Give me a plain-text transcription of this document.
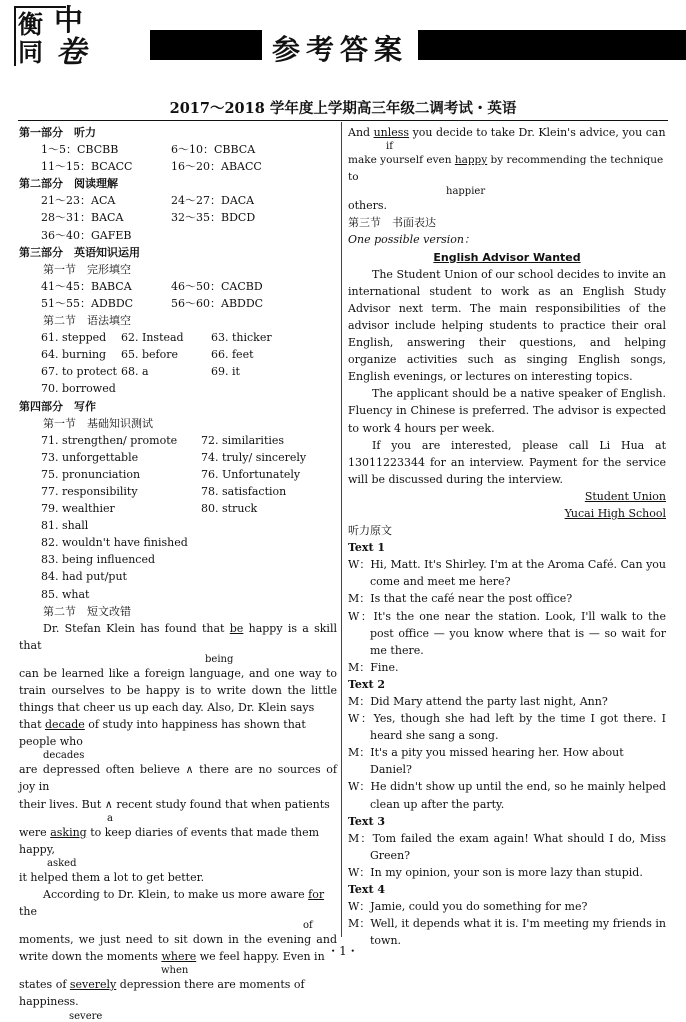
衡 中
同 卷	参考答案
2017～2018 学年度上学期高三年级二调考试・英语
第一部分　听力
1～5：CBCBB	6～10：CBBCA
11～15：BCACC	16～20：ABACC
第二部分　阅读理解
21～23：ACA	24～27：DACA
28～31：BACA	32～35：BDCD
36～40：GAFEB
第三部分　英语知识运用
第一节　完形填空
41～45：BABCA	46～50：CACBD
51～55：ADBDC	56～60：ABDDC
第二节　语法填空
61. stepped	62. Instead	63. thicker
64. burning	65. before	66. feet
67. to protect 68. a	69. it
70. borrowed
第四部分　写作
第一节　基础知识测试
71. strengthen/ promote	72. similarities
73. unforgettable	74. truly/ sincerely
75. pronunciation	76. Unfortunately
77. responsibility	78. satisfaction
79. wealthier	80. struck
81. shall
82. wouldn't have finished
83. being influenced
84. had put/put
85. what
第二节　短文改错
Dr. Stefan Klein has found that be happy is a skill that
being
can be learned like a foreign language, and one way to train ourselves to be happy is to write down the little things that cheer us up each day. Also, Dr. Klein says
that decade of study into happiness has shown that people who
decades
are depressed often believe ∧ there are no sources of joy in
their lives. But ∧ recent study found that when patients
a
were asking to keep diaries of events that made them happy,
asked
it helped them a lot to get better.
According to Dr. Klein, to make us more aware for the
of
moments, we just need to sit down in the evening and write down the moments where we feel happy. Even in
when
states of severely depression there are moments of happiness.
severe
And unless you decide to take Dr. Klein's advice, you can
if
make yourself even happy by recommending the technique to
happier
others.
第三节　书面表达
One possible version：
English Advisor Wanted
The Student Union of our school decides to invite an international student to work as an English Study Advisor next term. The main responsibilities of the advisor include helping students to practice their oral English, answering their questions, and helping organize activities such as singing English songs, English evenings, or lectures on interesting topics.
The applicant should be a native speaker of English. Fluency in Chinese is preferred. The advisor is expected to work 4 hours per week.
If you are interested, please call Li Hua at 13011223344 for an interview. Payment for the service will be discussed during the interview.
Student Union
Yucai High School
听力原文
Text 1
W：Hi, Matt. It's Shirley. I'm at the Aroma Café. Can you come and meet me here?
M：Is that the café near the post office?
W：It's the one near the station. Look, I'll walk to the post office — you know where that is — so wait for me there.
M：Fine.
Text 2
M：Did Mary attend the party last night, Ann?
W：Yes, though she had left by the time I got there. I heard she sang a song.
M：It's a pity you missed hearing her. How about Daniel?
W：He didn't show up until the end, so he mainly helped clean up after the party.
Text 3
M：Tom failed the exam again! What should I do, Miss Green?
W：In my opinion, your son is more lazy than stupid.
Text 4
W：Jamie, could you do something for me?
M：Well, it depends what it is. I'm meeting my friends in town.
・1・
